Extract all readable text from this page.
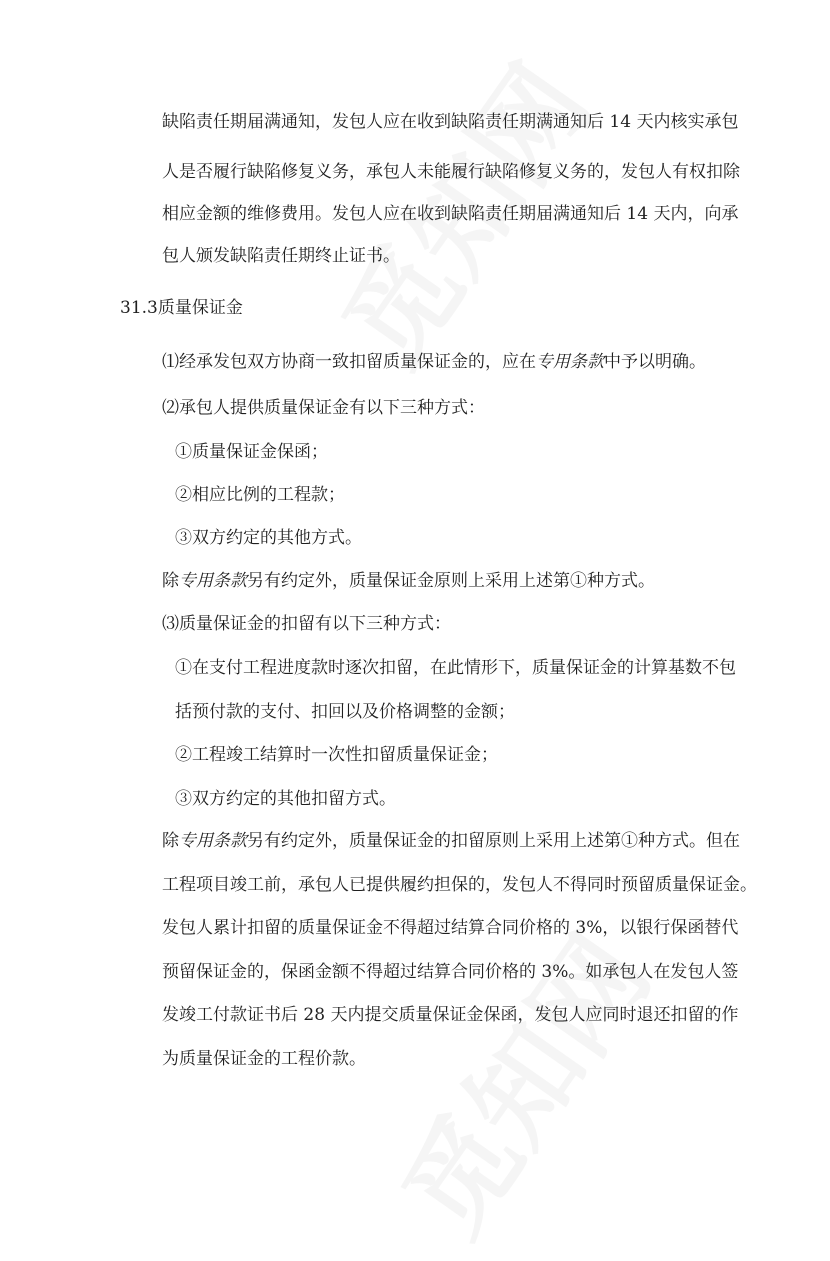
缺陷责任期届满通知，发包人应在收到缺陷责任期满通知后 14 天内核实承包
人是否履行缺陷修复义务，承包人未能履行缺陷修复义务的，发包人有权扣除
相应金额的维修费用。发包人应在收到缺陷责任期届满通知后 14 天内，向承
包人颁发缺陷责任期终止证书。
31.3质量保证金
⑴经承发包双方协商一致扣留质量保证金的，应在专用条款中予以明确。
⑵承包人提供质量保证金有以下三种方式：
①质量保证金保函；
②相应比例的工程款；
③双方约定的其他方式。
除专用条款另有约定外，质量保证金原则上采用上述第①种方式。
⑶质量保证金的扣留有以下三种方式：
①在支付工程进度款时逐次扣留，在此情形下，质量保证金的计算基数不包
括预付款的支付、扣回以及价格调整的金额；
②工程竣工结算时一次性扣留质量保证金；
③双方约定的其他扣留方式。
除专用条款另有约定外，质量保证金的扣留原则上采用上述第①种方式。但在
工程项目竣工前，承包人已提供履约担保的，发包人不得同时预留质量保证金。
发包人累计扣留的质量保证金不得超过结算合同价格的 3%，以银行保函替代
预留保证金的，保函金额不得超过结算合同价格的 3%。如承包人在发包人签
发竣工付款证书后 28 天内提交质量保证金保函，发包人应同时退还扣留的作
为质量保证金的工程价款。
